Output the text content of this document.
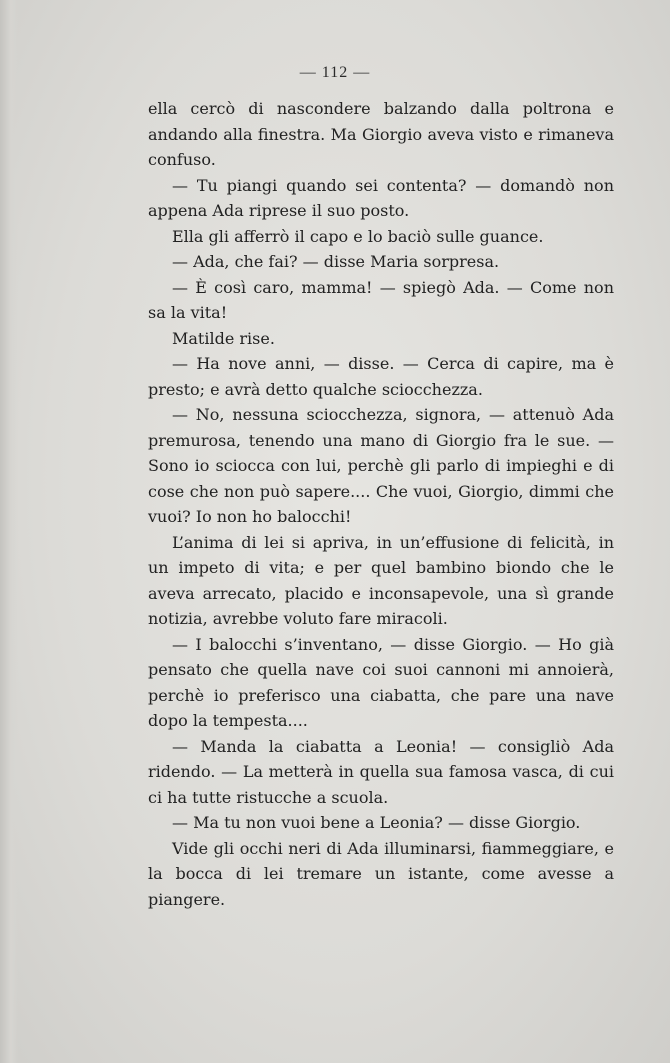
— 112 —

ella cercò di nascondere balzando dalla poltrona e andando alla finestra. Ma Giorgio aveva visto e rimaneva confuso.

— Tu piangi quando sei contenta? — domandò non appena Ada riprese il suo posto.

Ella gli afferrò il capo e lo baciò sulle guance.

— Ada, che fai? — disse Maria sorpresa.

— È così caro, mamma! — spiegò Ada. — Come non sa la vita!

Matilde rise.

— Ha nove anni, — disse. — Cerca di capire, ma è presto; e avrà detto qualche sciocchezza.

— No, nessuna sciocchezza, signora, — attenuò Ada premurosa, tenendo una mano di Giorgio fra le sue. — Sono io sciocca con lui, perchè gli parlo di impieghi e di cose che non può sapere.... Che vuoi, Giorgio, dimmi che vuoi? Io non ho balocchi!

L’anima di lei si apriva, in un’effusione di felicità, in un impeto di vita; e per quel bambino biondo che le aveva arrecato, placido e inconsapevole, una sì grande notizia, avrebbe voluto fare miracoli.

— I balocchi s’inventano, — disse Giorgio. — Ho già pensato che quella nave coi suoi cannoni mi annoierà, perchè io preferisco una ciabatta, che pare una nave dopo la tempesta....

— Manda la ciabatta a Leonia! — consigliò Ada ridendo. — La metterà in quella sua famosa vasca, di cui ci ha tutte ristucche a scuola.

— Ma tu non vuoi bene a Leonia? — disse Giorgio.

Vide gli occhi neri di Ada illuminarsi, fiammeggiare, e la bocca di lei tremare un istante, come avesse a piangere.
